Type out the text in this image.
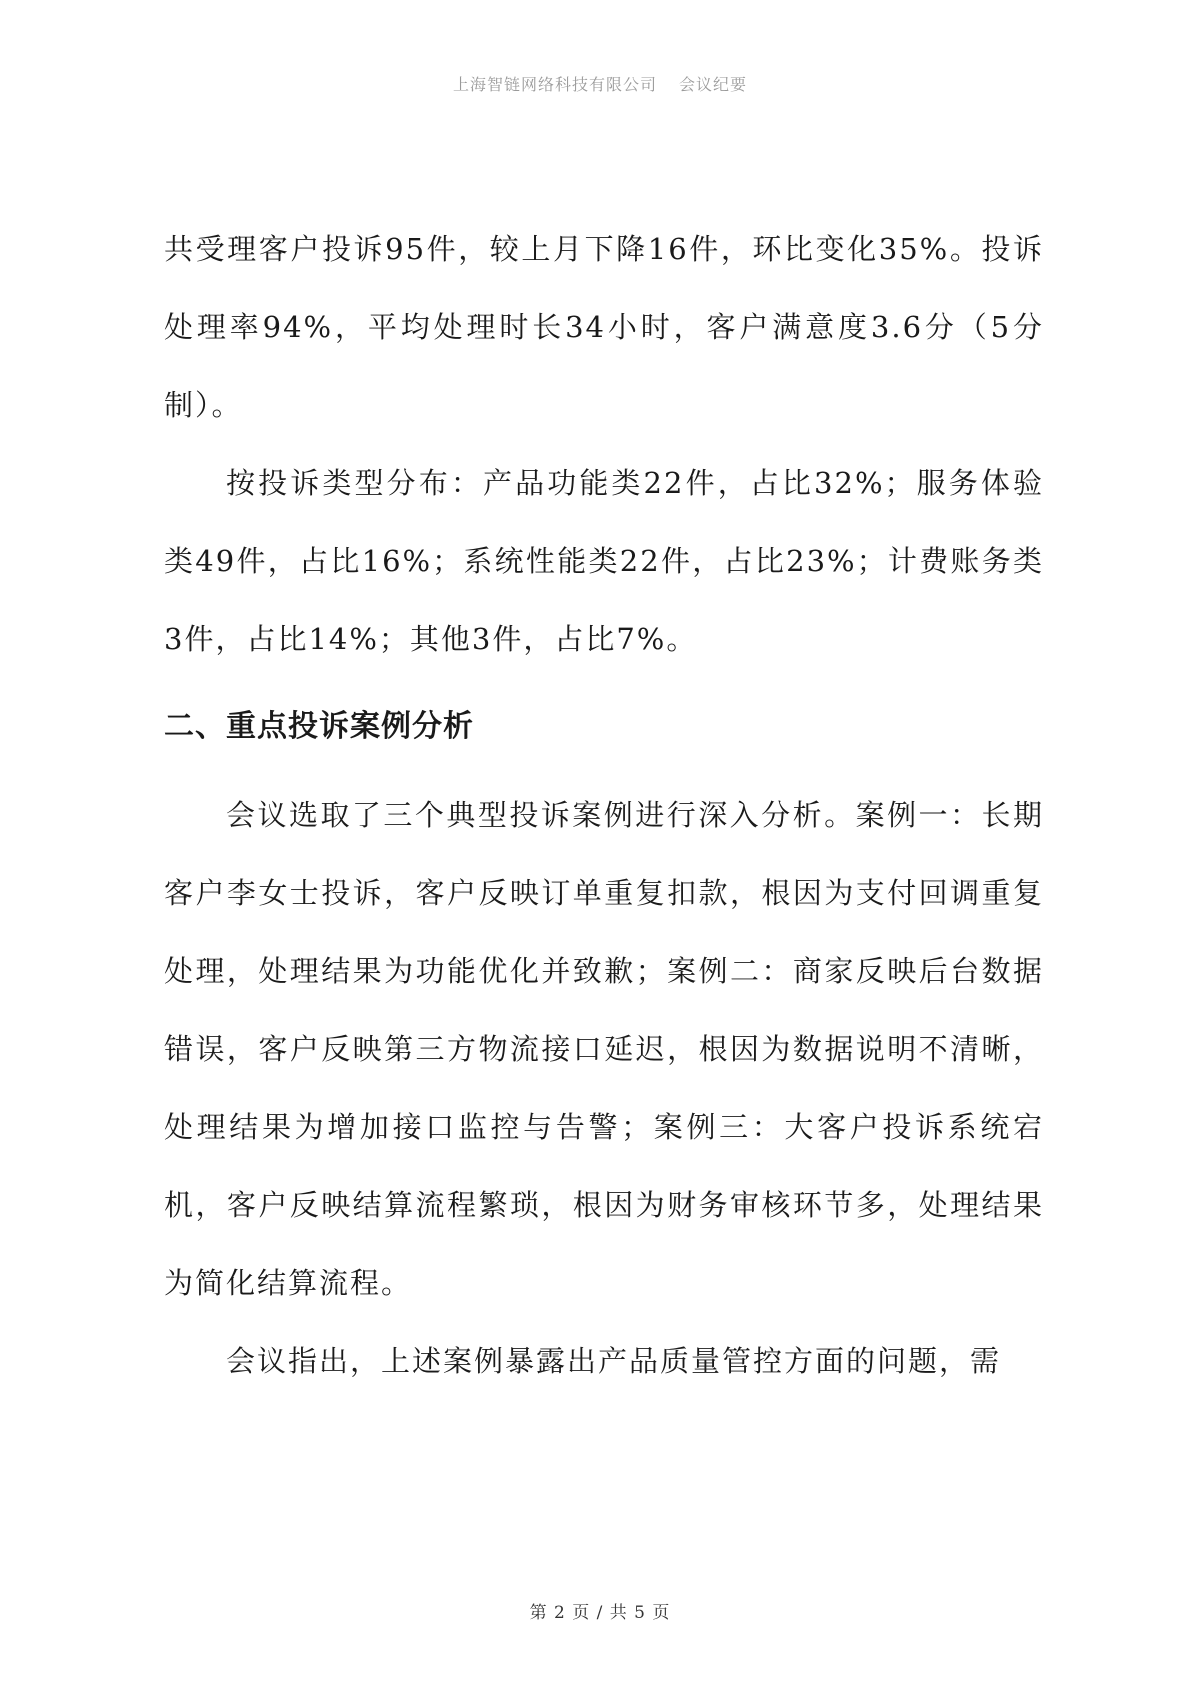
上海智链网络科技有限公司 会议纪要

共受理客户投诉95件，较上月下降16件，环比变化35%。投诉处理率94%，平均处理时长34小时，客户满意度3.6分（5分制）。

按投诉类型分布：产品功能类22件，占比32%；服务体验类49件，占比16%；系统性能类22件，占比23%；计费账务类3件，占比14%；其他3件，占比7%。

二、重点投诉案例分析

会议选取了三个典型投诉案例进行深入分析。案例一：长期客户李女士投诉，客户反映订单重复扣款，根因为支付回调重复处理，处理结果为功能优化并致歉；案例二：商家反映后台数据错误，客户反映第三方物流接口延迟，根因为数据说明不清晰，处理结果为增加接口监控与告警；案例三：大客户投诉系统宕机，客户反映结算流程繁琐，根因为财务审核环节多，处理结果为简化结算流程。

会议指出，上述案例暴露出产品质量管控方面的问题，需

第 2 页 / 共 5 页
